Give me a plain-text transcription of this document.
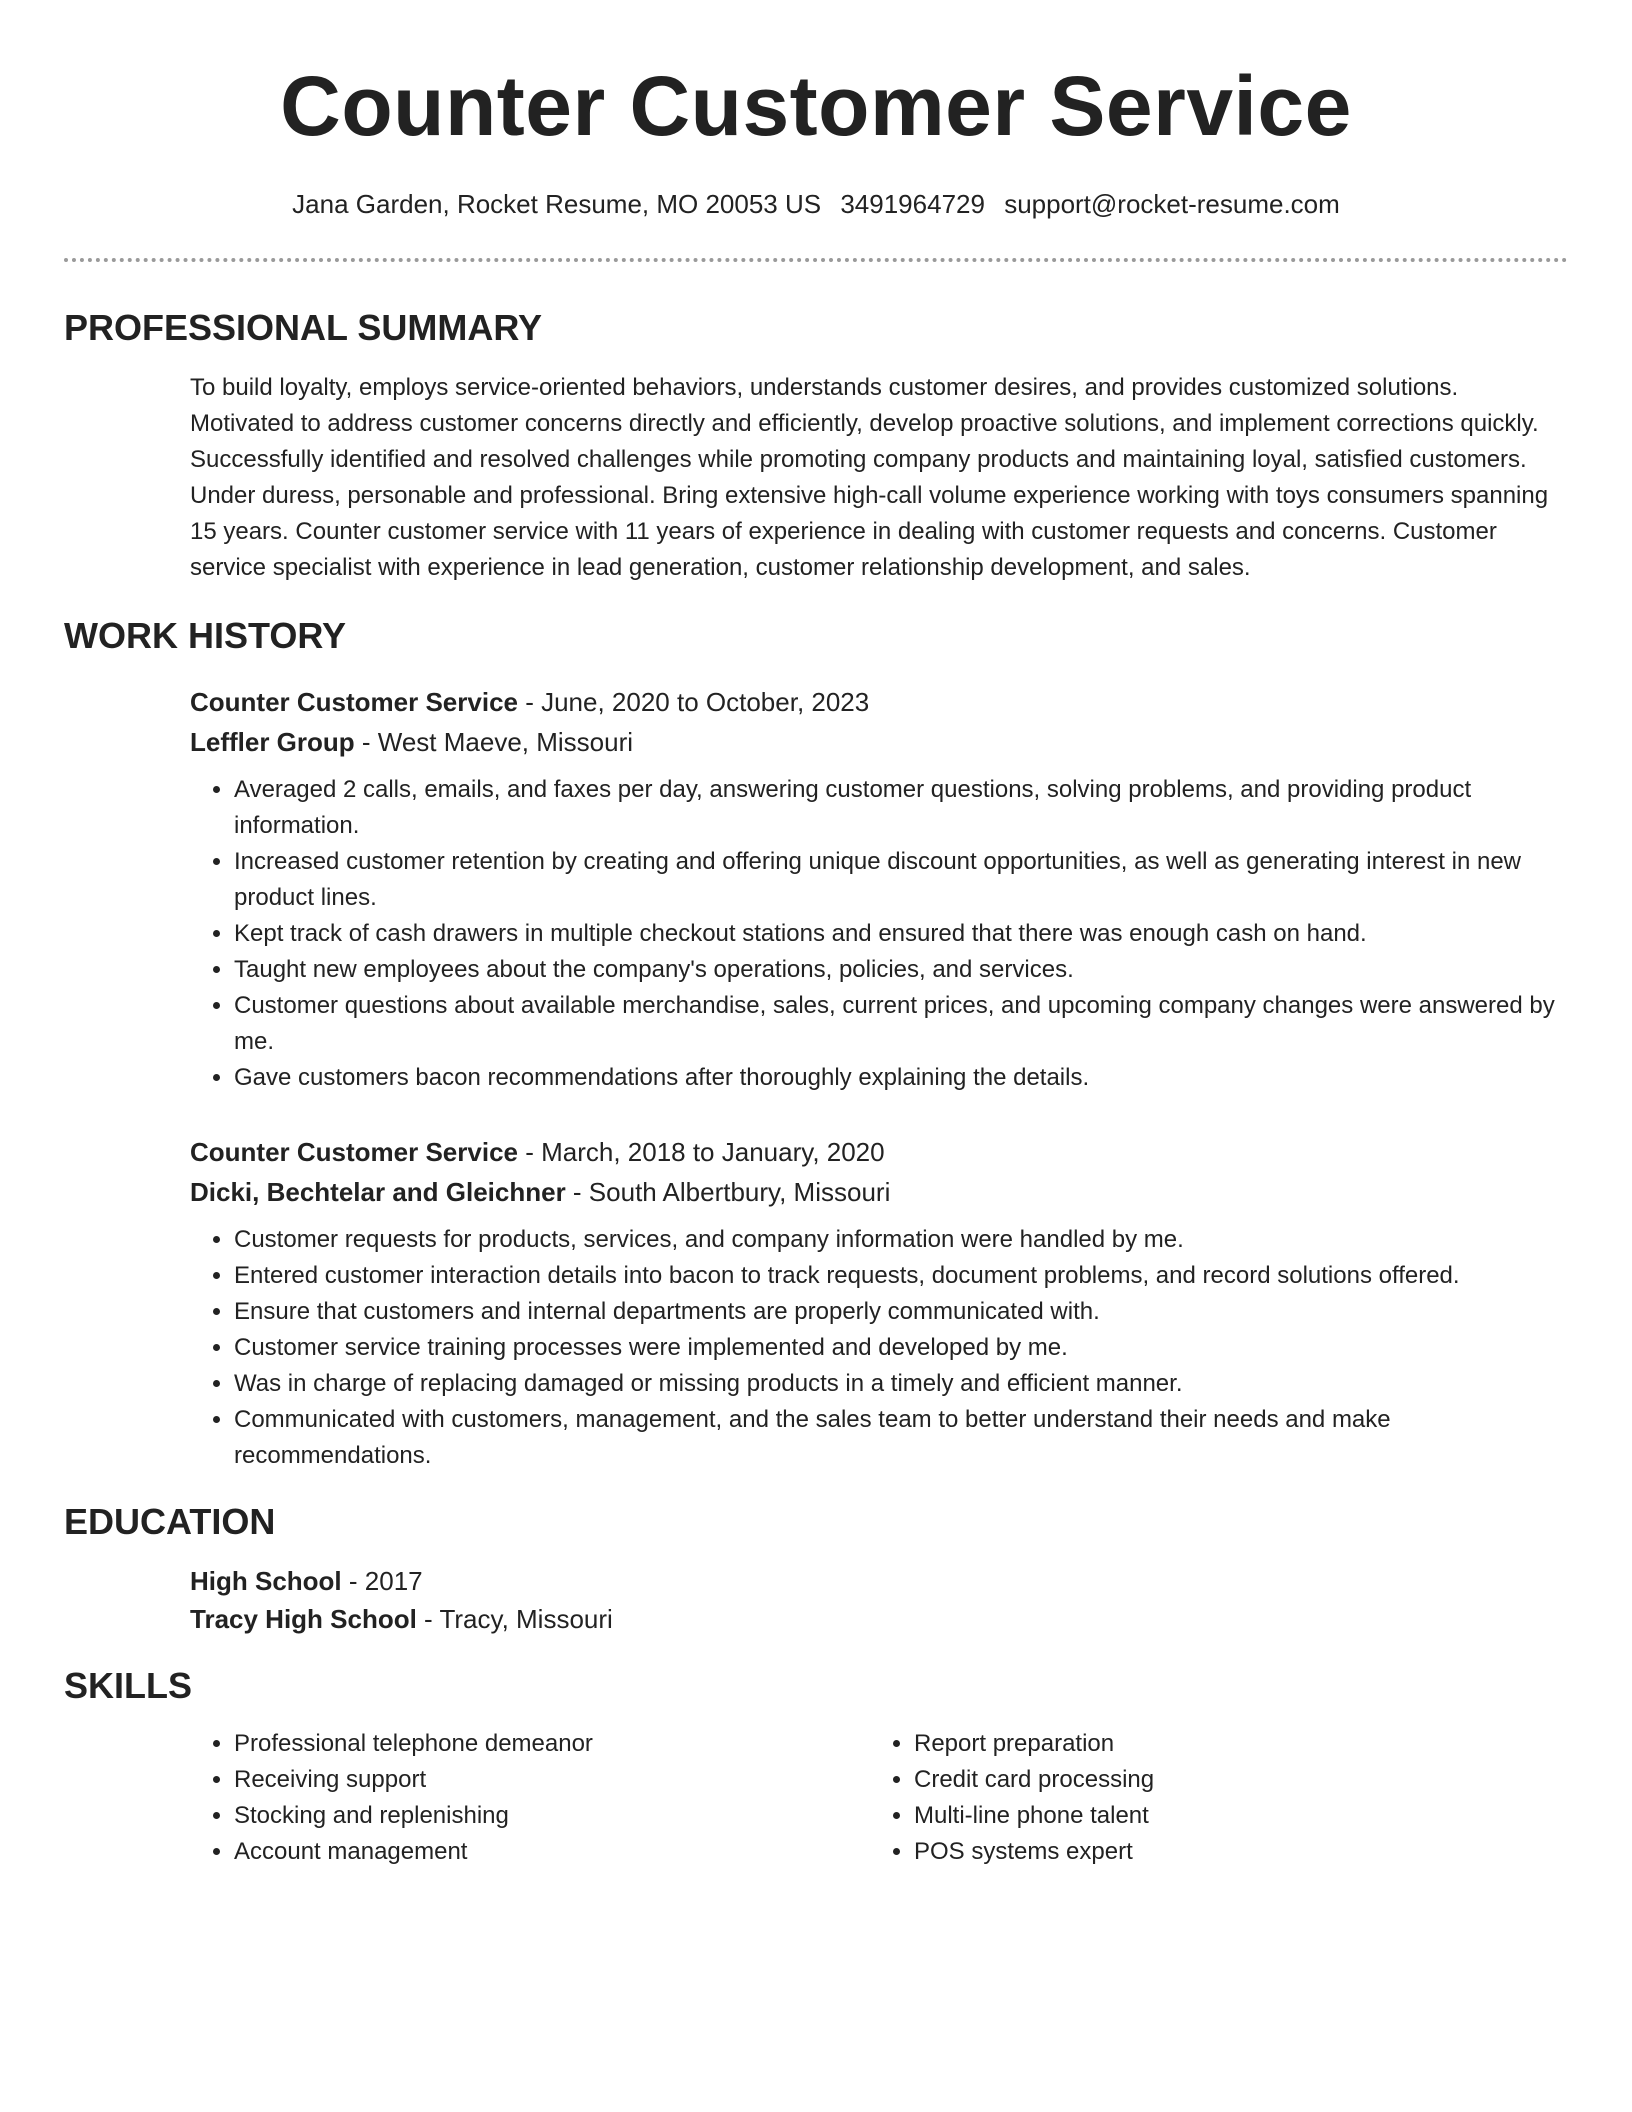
Counter Customer Service
Jana Garden, Rocket Resume, MO 20053 US 3491964729 support@rocket-resume.com
PROFESSIONAL SUMMARY
To build loyalty, employs service-oriented behaviors, understands customer desires, and provides customized solutions. Motivated to address customer concerns directly and efficiently, develop proactive solutions, and implement corrections quickly. Successfully identified and resolved challenges while promoting company products and maintaining loyal, satisfied customers. Under duress, personable and professional. Bring extensive high-call volume experience working with toys consumers spanning 15 years. Counter customer service with 11 years of experience in dealing with customer requests and concerns. Customer service specialist with experience in lead generation, customer relationship development, and sales.
WORK HISTORY
Counter Customer Service - June, 2020 to October, 2023
Leffler Group - West Maeve, Missouri
• Averaged 2 calls, emails, and faxes per day, answering customer questions, solving problems, and providing product information.
• Increased customer retention by creating and offering unique discount opportunities, as well as generating interest in new product lines.
• Kept track of cash drawers in multiple checkout stations and ensured that there was enough cash on hand.
• Taught new employees about the company's operations, policies, and services.
• Customer questions about available merchandise, sales, current prices, and upcoming company changes were answered by me.
• Gave customers bacon recommendations after thoroughly explaining the details.
Counter Customer Service - March, 2018 to January, 2020
Dicki, Bechtelar and Gleichner - South Albertbury, Missouri
• Customer requests for products, services, and company information were handled by me.
• Entered customer interaction details into bacon to track requests, document problems, and record solutions offered.
• Ensure that customers and internal departments are properly communicated with.
• Customer service training processes were implemented and developed by me.
• Was in charge of replacing damaged or missing products in a timely and efficient manner.
• Communicated with customers, management, and the sales team to better understand their needs and make recommendations.
EDUCATION
High School - 2017
Tracy High School - Tracy, Missouri
SKILLS
• Professional telephone demeanor
• Receiving support
• Stocking and replenishing
• Account management
• Report preparation
• Credit card processing
• Multi-line phone talent
• POS systems expert
